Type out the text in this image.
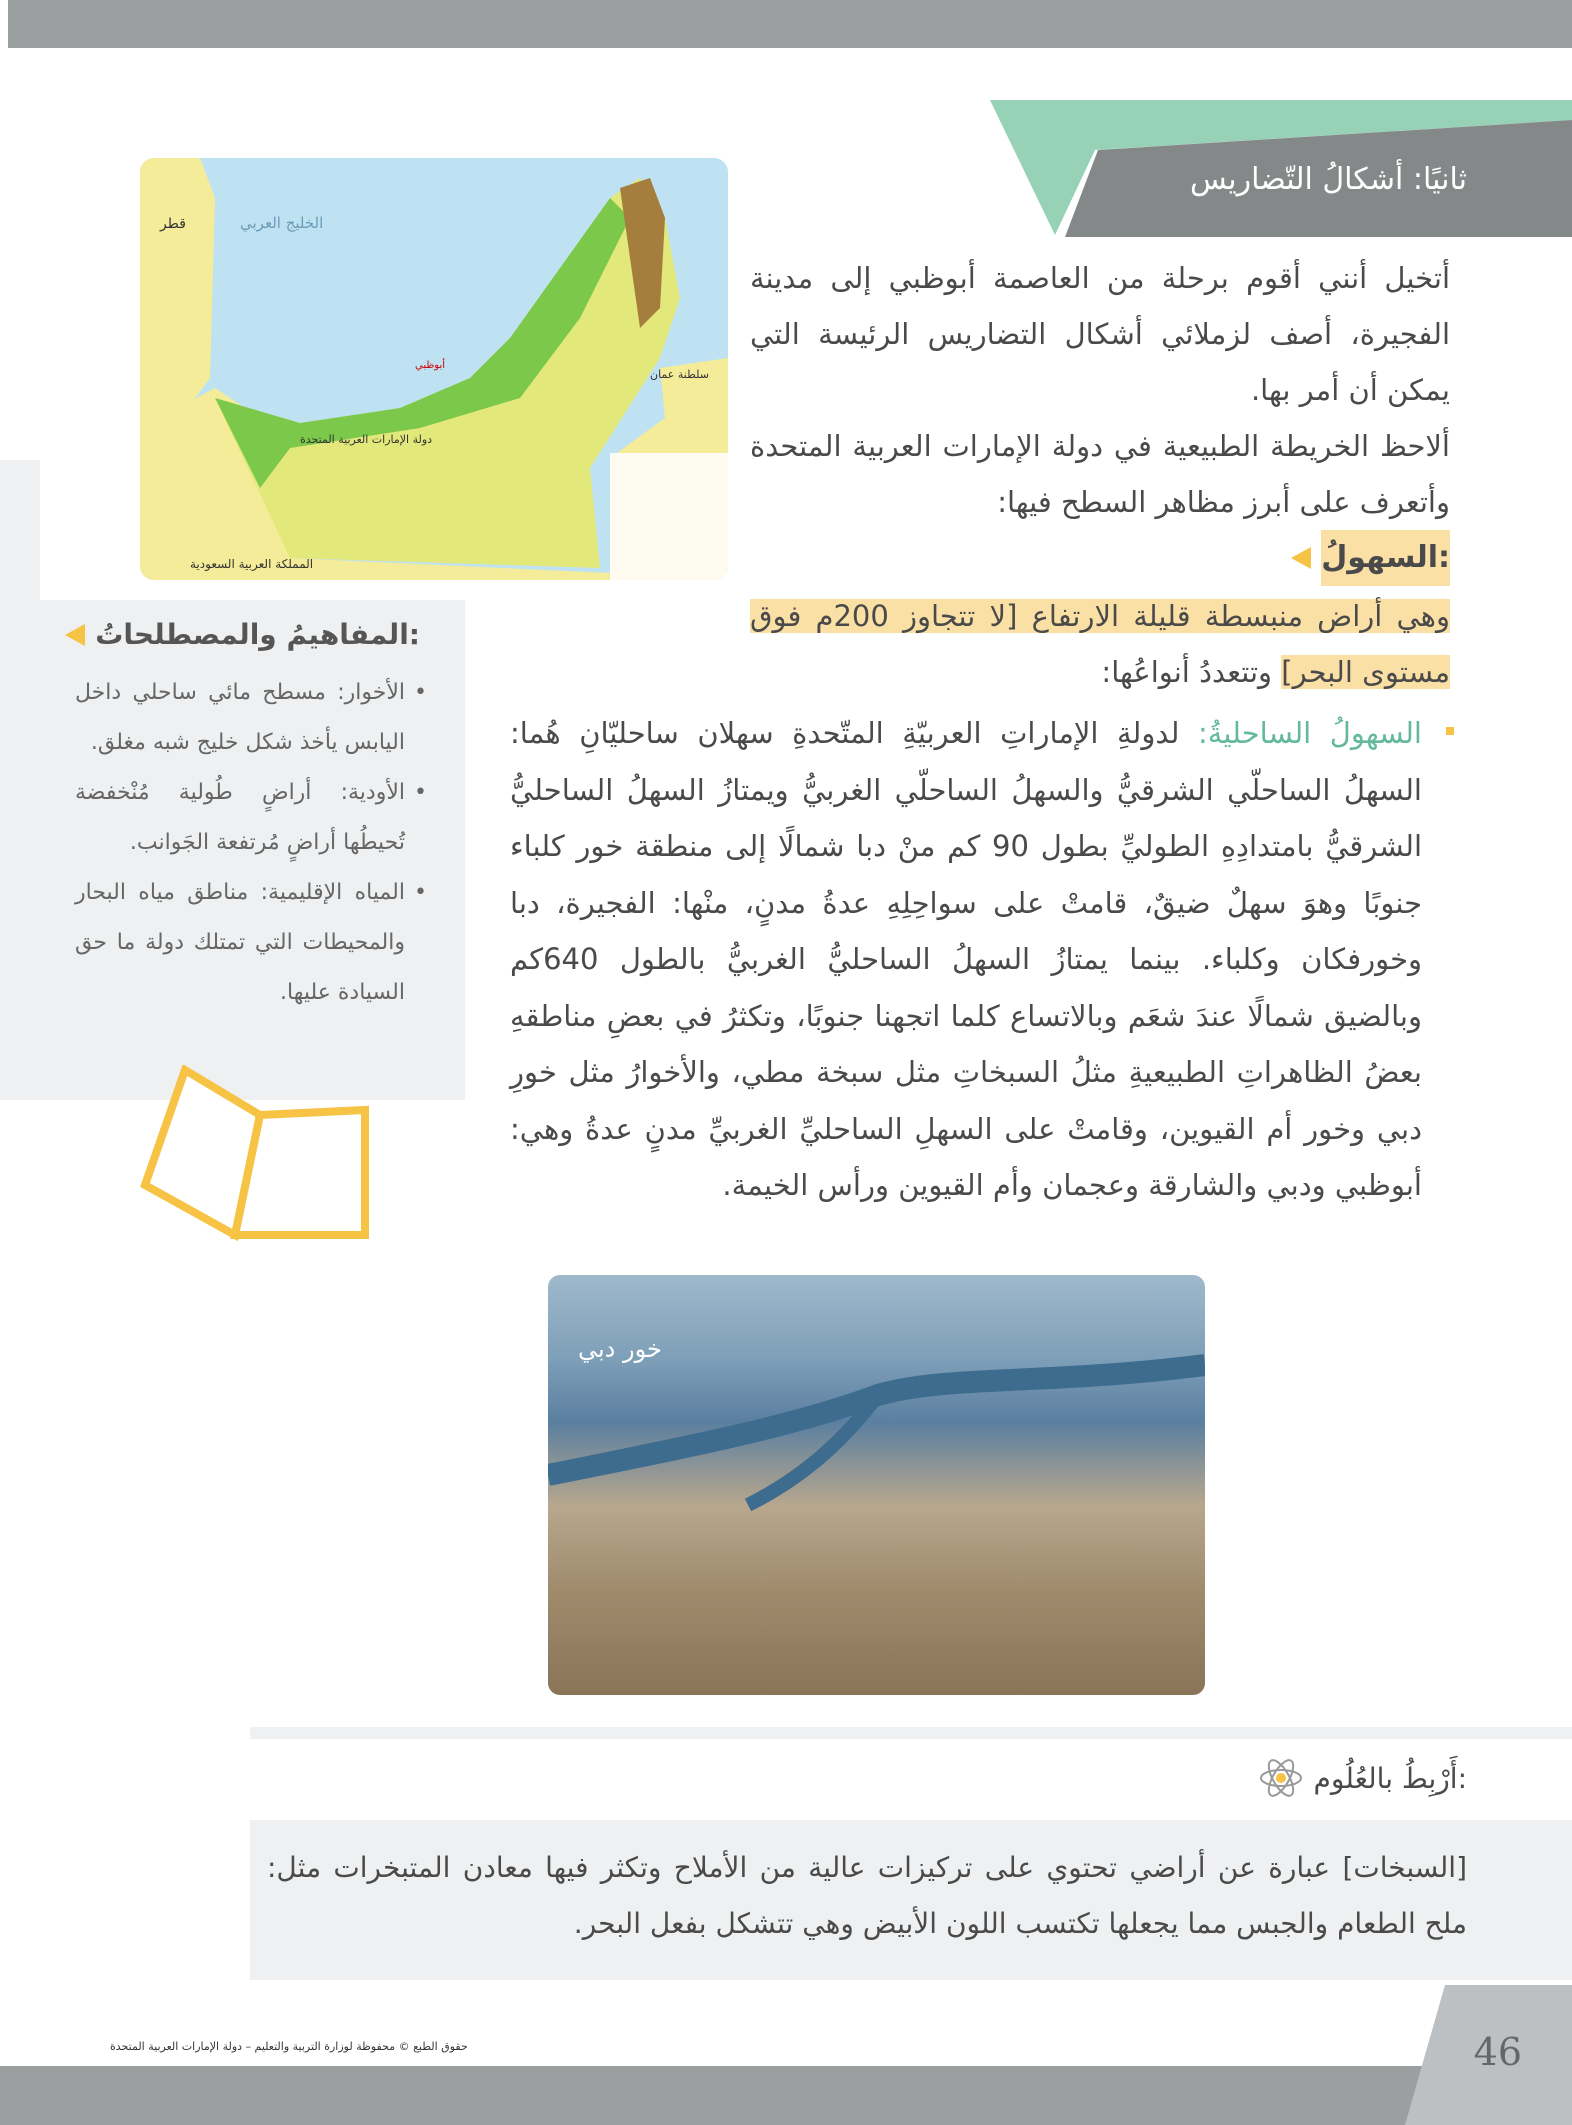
ثانيًا: أشكالُ التّضاريس
قطر	الخليج العربي
دولة الإمارات العربية المتحدة
أبوظبي
سلطنة عمان
المملكة العربية السعودية

أتخيل أنني أقوم برحلة من العاصمة أبوظبي إلى مدينة الفجيرة، أصف لزملائي أشكال التضاريس الرئيسة التي يمكن أن أمر بها.

ألاحظ الخريطة الطبيعية في دولة الإمارات العربية المتحدة وأتعرف على أبرز مظاهر السطح فيها:

السهولُ:
وهي أراض منبسطة قليلة الارتفاع [لا تتجاوز 200م فوق مستوى البحر] وتتعددُ أنواعُها:
السهولُ الساحليةُ: لدولةِ الإماراتِ العربيّةِ المتّحدةِ سهلان ساحليّانِ هُما: السهلُ الساحلّي الشرقيُّ والسهلُ الساحلّي الغربيُّ ويمتازُ السهلُ الساحليُّ الشرقيُّ بامتدادِهِ الطوليِّ بطول 90 كم منْ دبا شمالًا إلى منطقة خور كلباء جنوبًا وهوَ سهلٌ ضيقٌ، قامتْ على سواحِلِهِ عدةُ مدنٍ، منْها: الفجيرة، دبا وخورفكان وكلباء. بينما يمتازُ السهلُ الساحليُّ الغربيُّ بالطول 640كم وبالضيق شمالًا عندَ شعَم وبالاتساع كلما اتجهنا جنوبًا، وتكثرُ في بعضِ مناطقهِ بعضُ الظاهراتِ الطبيعيةِ مثلُ السبخاتِ مثل سبخة مطي، والأخوارُ مثل خورِ دبي وخور أم القيوين، وقامتْ على السهلِ الساحليِّ الغربيِّ مدنٍ عدةُ وهي: أبوظبي ودبي والشارقة وعجمان وأم القيوين ورأس الخيمة.
المفاهيمُ والمصطلحاتُ:
• الأخوار: مسطح مائي ساحلي داخل اليابس يأخذ شكل خليج شبه مغلق.
• الأودية: أراضٍ طُولية مُنْخفضة تُحيطُها أراضٍ مُرتفعة الجَوانب.
• المياه الإقليمية: مناطق مياه البحار والمحيطات التي تمتلك دولة ما حق السيادة عليها.
خور دبي
أَرْبِطُ بالعُلُوم:

[السبخات] عبارة عن أراضي تحتوي على تركيزات عالية من الأملاح وتكثر فيها معادن المتبخرات مثل: ملح الطعام والجبس مما يجعلها تكتسب اللون الأبيض وهي تتشكل بفعل البحر.

حقوق الطبع © محفوظة لوزارة التربية والتعليم – دولة الإمارات العربية المتحدة	46
